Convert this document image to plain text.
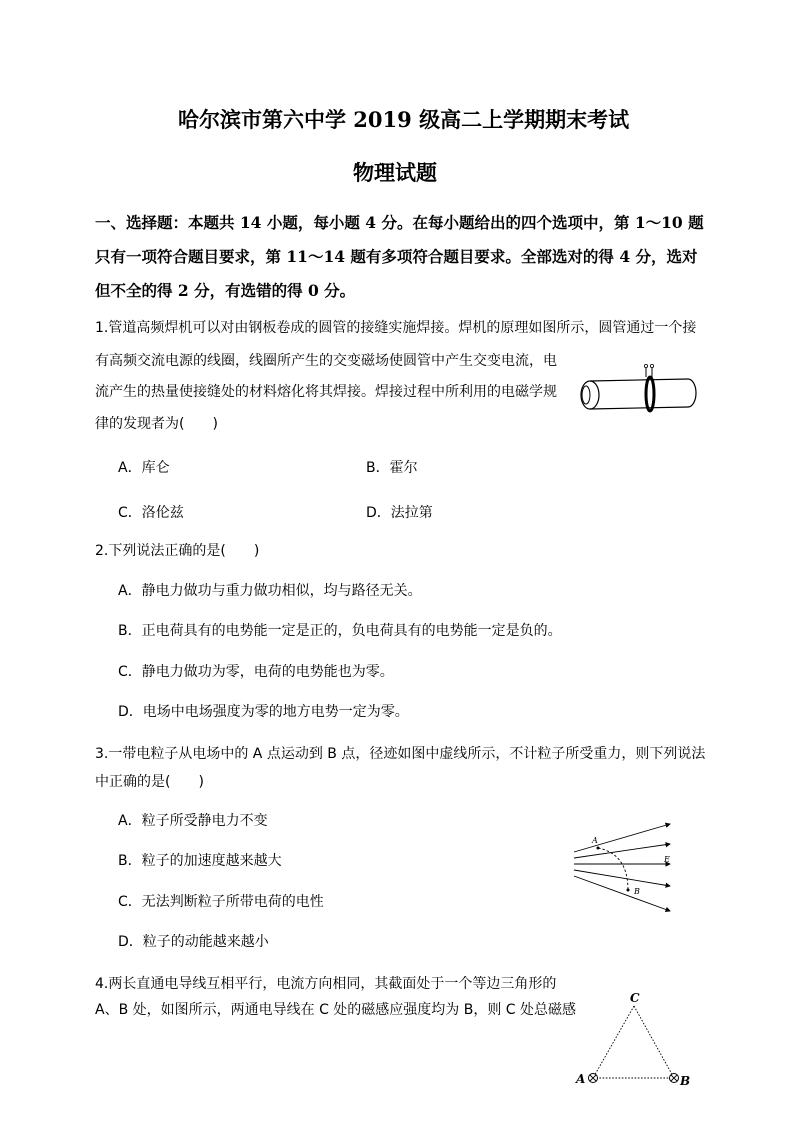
哈尔滨市第六中学 2019 级高二上学期期末考试
物理试题
一、选择题：本题共 14 小题，每小题 4 分。在每小题给出的四个选项中，第 1～10 题
只有一项符合题目要求，第 11～14 题有多项符合题目要求。全部选对的得 4 分，选对
但不全的得 2 分，有选错的得 0 分。
1.管道高频焊机可以对由钢板卷成的圆管的接缝实施焊接。焊机的原理如图所示，圆管通过一个接
有高频交流电源的线圈，线圈所产生的交变磁场使圆管中产生交变电流，电
流产生的热量使接缝处的材料熔化将其焊接。焊接过程中所利用的电磁学规
律的发现者为(　　)
A．库仑	B．霍尔
C．洛伦兹	D．法拉第
2.下列说法正确的是(　　)
A．静电力做功与重力做功相似，均与路径无关。
B．正电荷具有的电势能一定是正的，负电荷具有的电势能一定是负的。
C．静电力做功为零，电荷的电势能也为零。
D．电场中电场强度为零的地方电势一定为零。
3.一带电粒子从电场中的 A 点运动到 B 点，径迹如图中虚线所示，不计粒子所受重力，则下列说法
中正确的是(　　)
A．粒子所受静电力不变
B．粒子的加速度越来越大
C．无法判断粒子所带电荷的电性
D．粒子的动能越来越小
A
B
E
4.两长直通电导线互相平行，电流方向相同，其截面处于一个等边三角形的
A、B 处，如图所示，两通电导线在 C 处的磁感应强度均为 B，则 C 处总磁感
C
A	B
